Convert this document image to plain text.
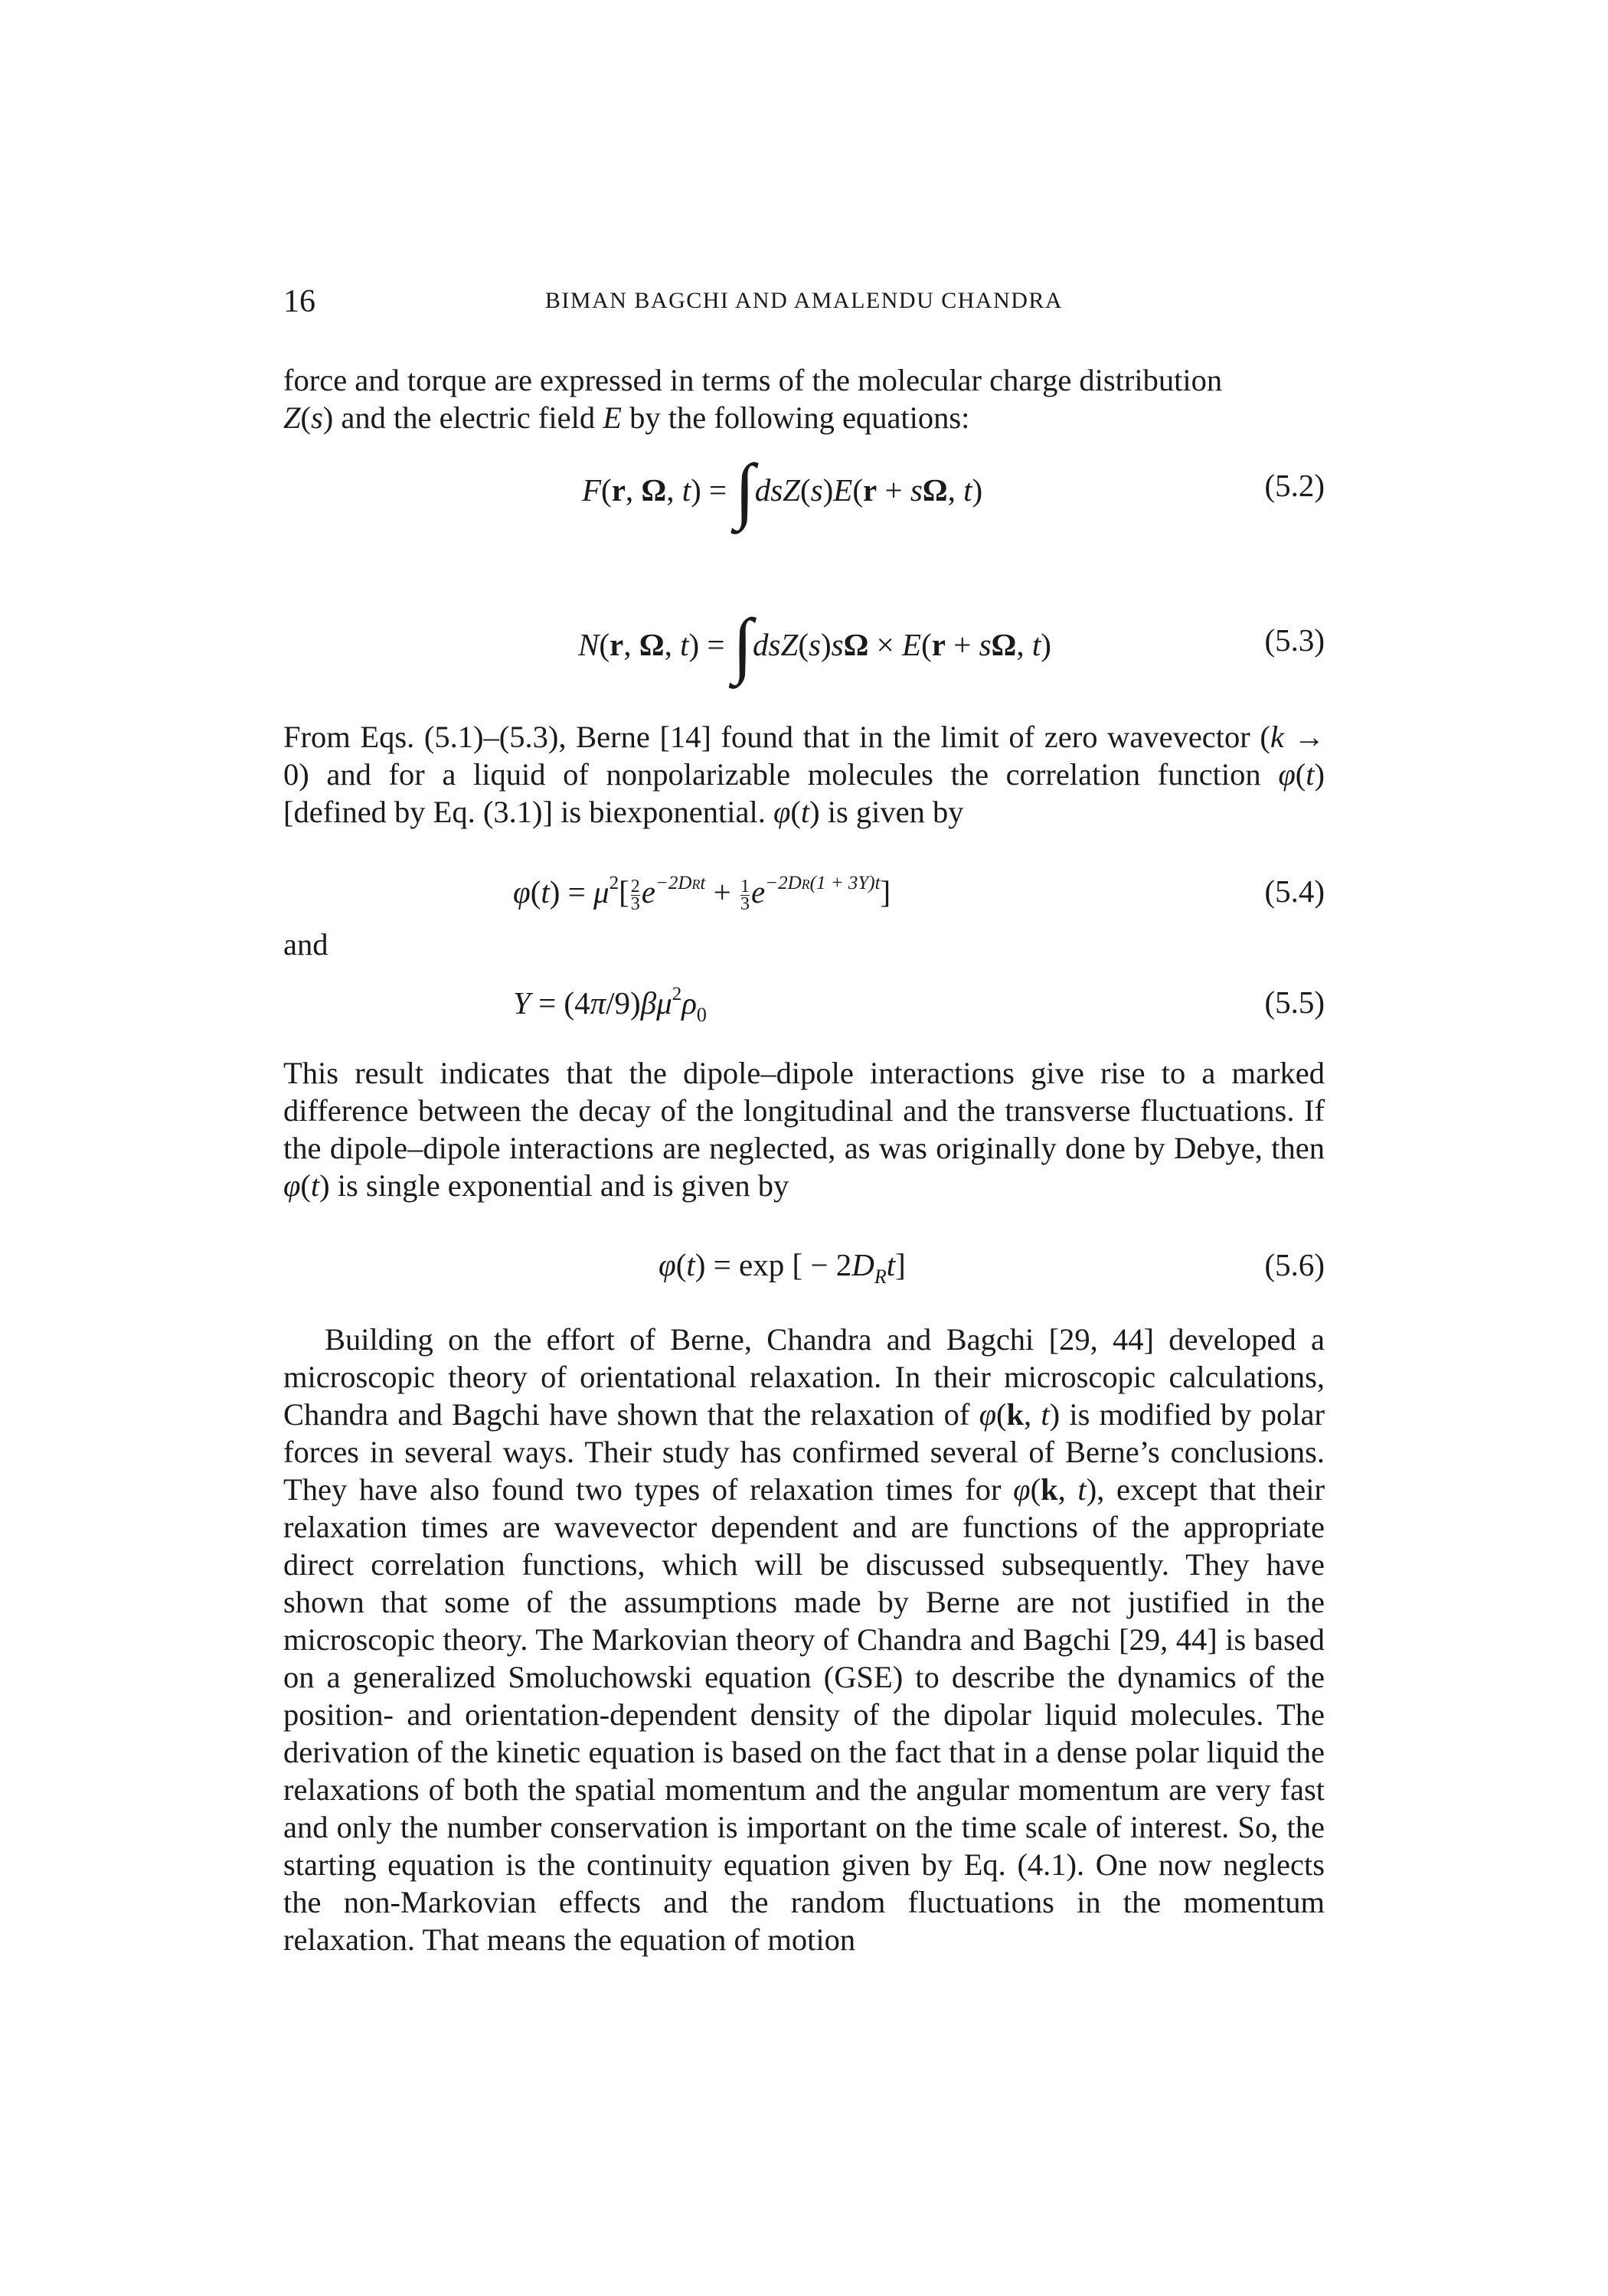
16	BIMAN BAGCHI AND AMALENDU CHANDRA

force and torque are expressed in terms of the molecular charge distribution
Z(s) and the electric field E by the following equations:

F(r, Ω, t) = ∫dsZ(s)E(r + sΩ, t)	(5.2)
N(r, Ω, t) = ∫dsZ(s)sΩ × E(r + sΩ, t)	(5.3)

From Eqs. (5.1)–(5.3), Berne [14] found that in the limit of zero wavevector (k → 0) and for a liquid of nonpolarizable molecules the correlation function φ(t) [defined by Eq. (3.1)] is biexponential. φ(t) is given by

$\varphi(t) = \mu^2[\frac{2}{3} e^{-2DRt} + \frac{1}{3} e^{-2DR(1 + 3Y)t}]$	(5.4)
and
$Y = (4\pi/9)\beta\mu^2\rho_0$	(5.5)

This result indicates that the dipole–dipole interactions give rise to a marked difference between the decay of the longitudinal and the transverse fluctuations. If the dipole–dipole interactions are neglected, as was originally done by Debye, then φ(t) is single exponential and is given by

φ(t) = exp [ − $2D_Rt$]	(5.6)

Building on the effort of Berne, Chandra and Bagchi [29, 44] developed a microscopic theory of orientational relaxation. In their microscopic calculations, Chandra and Bagchi have shown that the relaxation of φ(k, t) is modified by polar forces in several ways. Their study has confirmed several of Berne’s conclusions. They have also found two types of relaxation times for φ(k, t), except that their relaxation times are wavevector dependent and are functions of the appropriate direct correlation functions, which will be discussed subsequently. They have shown that some of the assumptions made by Berne are not justified in the microscopic theory. The Markovian theory of Chandra and Bagchi [29, 44] is based on a generalized Smoluchowski equation (GSE) to describe the dynamics of the position- and orientation-dependent density of the dipolar liquid molecules. The derivation of the kinetic equation is based on the fact that in a dense polar liquid the relaxations of both the spatial momentum and the angular momentum are very fast and only the number conservation is important on the time scale of interest. So, the starting equation is the continuity equation given by Eq. (4.1). One now neglects the non-Markovian effects and the random fluctuations in the momentum relaxation. That means the equation of motion
